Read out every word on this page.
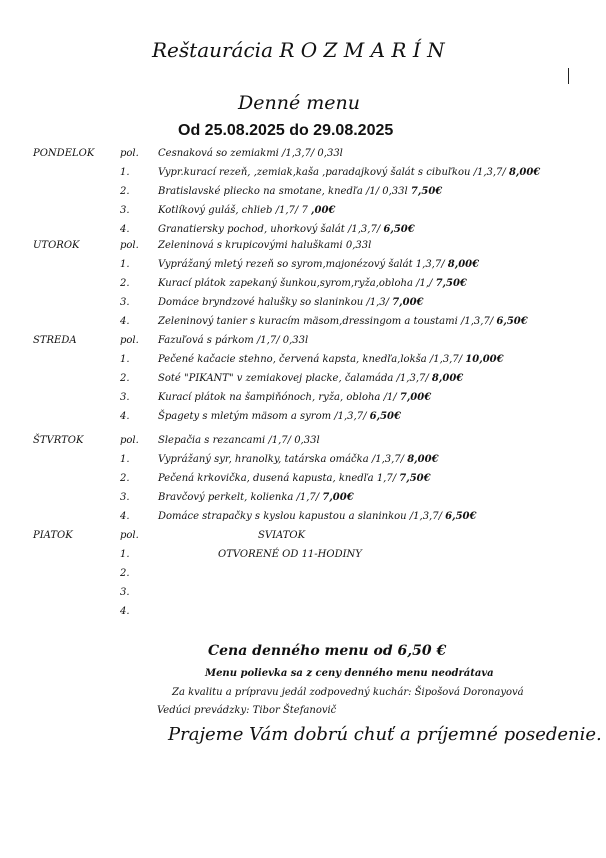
Reštaurácia R O Z M A R Í N
Denné menu
Od 25.08.2025 do 29.08.2025
PONDELOK	pol. Cesnaková so zemiakmi /1,3,7/ 0,33l
1.	Vypr.kurací rezeň, ,zemiak,kaša ,paradajkový šalát s cibuľkou /1,3,7/ 8,00€
2.	Bratislavské pliecko na smotane, knedľa /1/ 0,33l 7,50€
3.	Kotlíkový guláš, chlieb /1,7/ 7 ,00€
4.	Granatiersky pochod, uhorkový šalát /1,3,7/ 6,50€
UTOROK	pol. Zeleninová s krupicovými haluškami 0,33l
1.	Vyprážaný mletý rezeň so syrom,majonézový šalát 1,3,7/ 8,00€
2.	Kurací plátok zapekaný šunkou,syrom,ryža,obloha /1,/ 7,50€
3.	Domáce bryndzové halušky so slaninkou /1,3/ 7,00€
4.	Zeleninový tanier s kuracím mäsom,dressingom a toustami /1,3,7/ 6,50€
STREDA	pol. Fazuľová s párkom /1,7/ 0,33l
1.	Pečené kačacie stehno, červená kapsta, knedľa,lokša /1,3,7/ 10,00€
2.	Soté "PIKANT" v zemiakovej placke, čalamáda /1,3,7/ 8,00€
3.	Kurací plátok na šampiňónoch, ryža, obloha /1/ 7,00€
4.	Špagety s mletým mäsom a syrom /1,3,7/ 6,50€
ŠTVRTOK	pol. Slepačia s rezancami /1,7/ 0,33l
1.	Vyprážaný syr, hranolky, tatárska omáčka /1,3,7/ 8,00€
2.	Pečená krkovička, dusená kapusta, knedľa 1,7/ 7,50€
3.	Bravčový perkelt, kolienka /1,7/ 7,00€
4.	Domáce strapačky s kyslou kapustou a slaninkou /1,3,7/ 6,50€
PIATOK	pol.	SVIATOK
1.	OTVORENÉ OD 11-HODINY
2.
3.
4.
Cena denného menu od 6,50 €
Menu polievka sa z ceny denného menu neodrátava
Za kvalitu a prípravu jedál zodpovedný kuchár: Šipošová Doronayová
Vedúci prevádzky: Tibor Štefanovič
Prajeme Vám dobrú chuť a príjemné posedenie.
